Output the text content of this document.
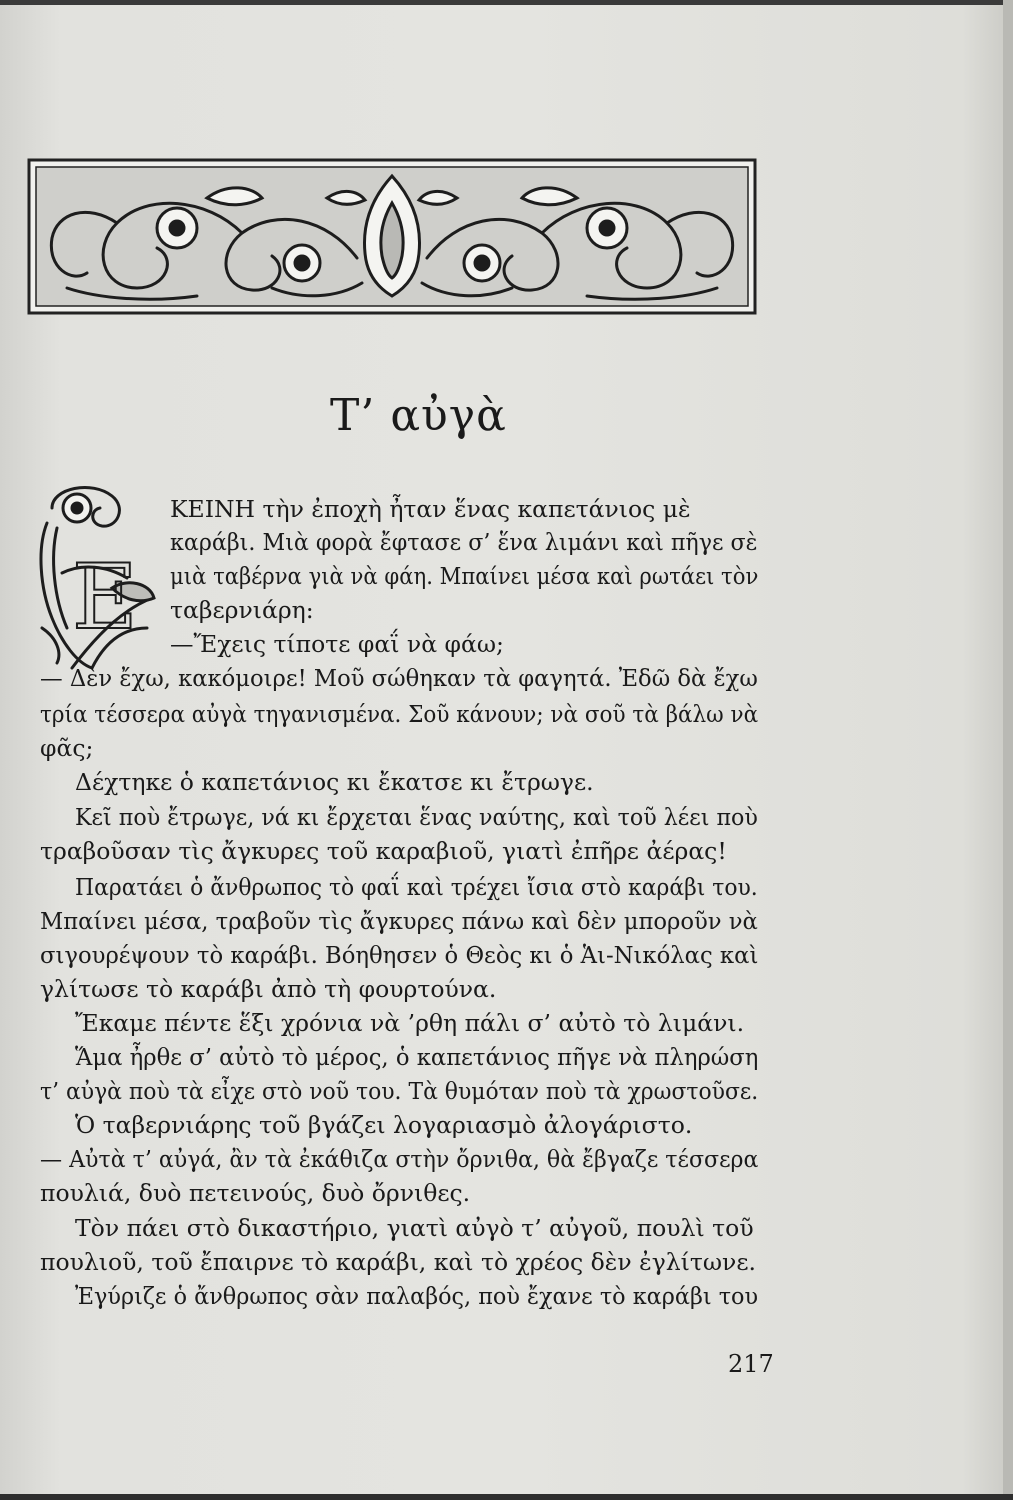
Τ’ αὐγὰ
Ε
ΚΕΙΝΗ τὴν ἐποχὴ ἦταν ἕνας καπετάνιος μὲ
καράβι. Μιὰ φορὰ ἔφτασε σ’ ἕνα λιμάνι καὶ πῆγε σὲ
μιὰ ταβέρνα γιὰ νὰ φάη. Μπαίνει μέσα καὶ ρωτάει τὸν
ταβερνιάρη:
—Ἔχεις τίποτε φαΐ νὰ φάω;
— Δὲν ἔχω, κακόμοιρε! Μοῦ σώθηκαν τὰ φαγητά. Ἐδῶ δὰ ἔχω
τρία τέσσερα αὐγὰ τηγανισμένα. Σοῦ κάνουν; νὰ σοῦ τὰ βάλω νὰ
φᾶς;
Δέχτηκε ὁ καπετάνιος κι ἔκατσε κι ἔτρωγε.
Κεῖ ποὺ ἔτρωγε, νά κι ἔρχεται ἕνας ναύτης, καὶ τοῦ λέει ποὺ
τραβοῦσαν τὶς ἄγκυρες τοῦ καραβιοῦ, γιατὶ ἐπῆρε ἀέρας!
Παρατάει ὁ ἄνθρωπος τὸ φαΐ καὶ τρέχει ἴσια στὸ καράβι του.
Μπαίνει μέσα, τραβοῦν τὶς ἄγκυρες πάνω καὶ δὲν μποροῦν νὰ
σιγουρέψουν τὸ καράβι. Βόηθησεν ὁ Θεὸς κι ὁ Ἁι-Νικόλας καὶ
γλίτωσε τὸ καράβι ἀπὸ τὴ φουρτούνα.
Ἔκαμε πέντε ἕξι χρόνια νὰ ’ρθη πάλι σ’ αὐτὸ τὸ λιμάνι.
Ἅμα ἦρθε σ’ αὐτὸ τὸ μέρος, ὁ καπετάνιος πῆγε νὰ πληρώση
τ’ αὐγὰ ποὺ τὰ εἶχε στὸ νοῦ του. Τὰ θυμόταν ποὺ τὰ χρωστοῦσε.
Ὁ ταβερνιάρης τοῦ βγάζει λογαριασμὸ ἀλογάριστο.
— Αὐτὰ τ’ αὐγά, ἂν τὰ ἐκάθιζα στὴν ὄρνιθα, θὰ ἔβγαζε τέσσερα
πουλιά, δυὸ πετεινούς, δυὸ ὄρνιθες.
Τὸν πάει στὸ δικαστήριο, γιατὶ αὐγὸ τ’ αὐγοῦ, πουλὶ τοῦ
πουλιοῦ, τοῦ ἔπαιρνε τὸ καράβι, καὶ τὸ χρέος δὲν ἐγλίτωνε.
Ἐγύριζε ὁ ἄνθρωπος σὰν παλαβός, ποὺ ἔχανε τὸ καράβι του
217
